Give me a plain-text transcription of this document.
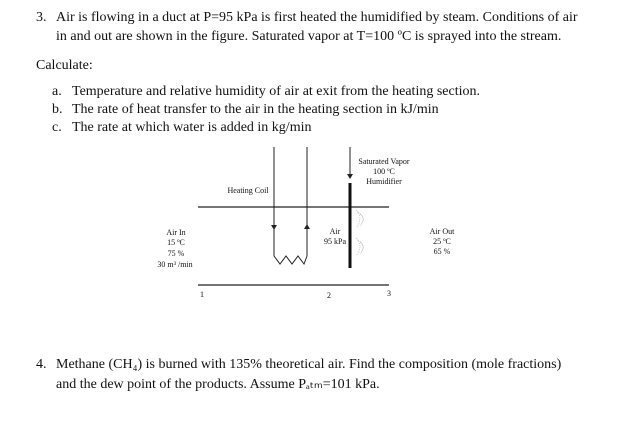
3. Air is flowing in a duct at P=95 kPa is first heated the humidified by steam. Conditions of air
in and out are shown in the figure. Saturated vapor at T=100 ºC is sprayed into the stream.
Calculate:
a. Temperature and relative humidity of air at exit from the heating section.
b. The rate of heat transfer to the air in the heating section in kJ/min
c. The rate at which water is added in kg/min
Saturated Vapor
100 ºC
Humidifier
Heating Coil
Air In
15 ºC
75 %
30 m³ /min
Air
95 kPa
Air Out
25 ºC
65 %
1	2	3
4. Methane (CH₄) is burned with 135% theoretical air. Find the composition (mole fractions)
and the dew point of the products. Assume Pₐₜₘ=101 kPa.
